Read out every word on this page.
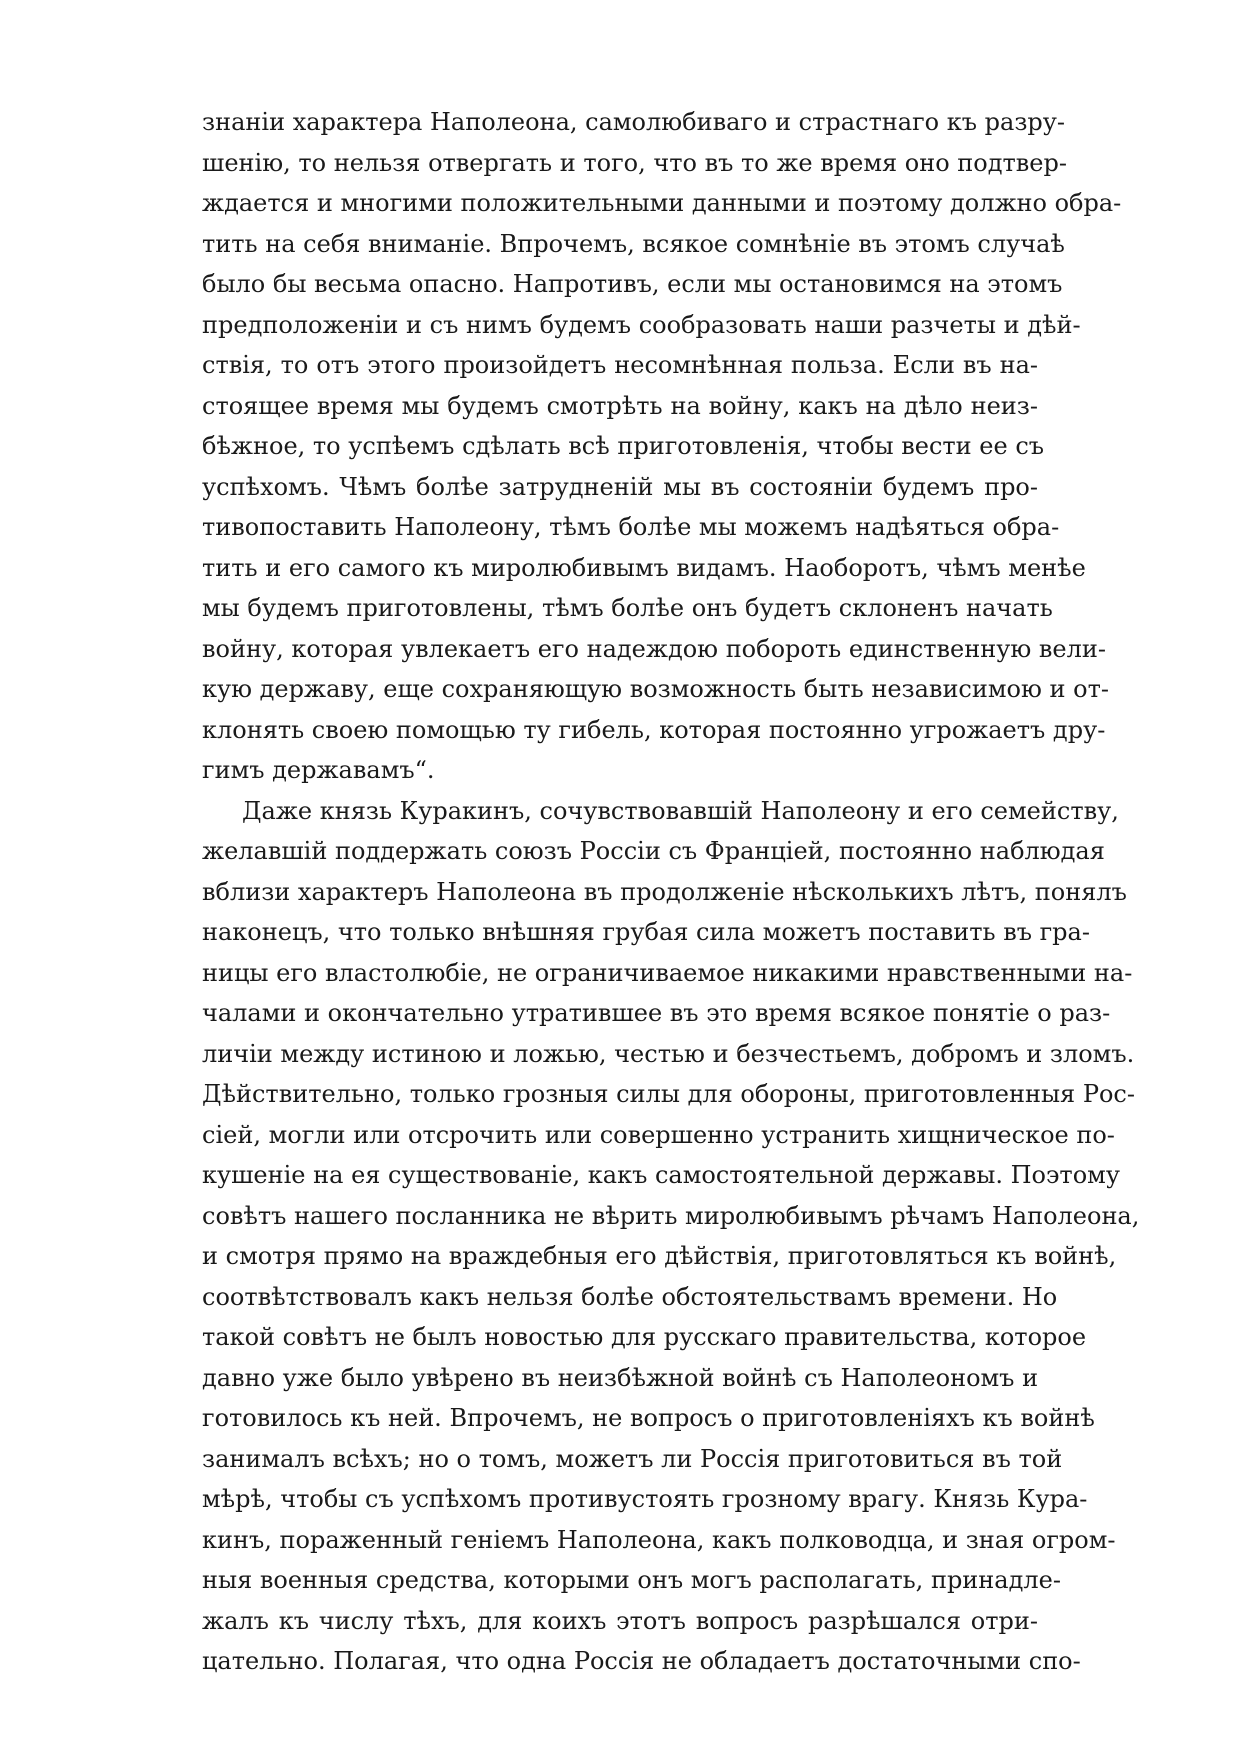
знаніи характера Наполеона, самолюбиваго и страстнаго къ разру-
шенію, то нельзя отвергать и того, что въ то же время оно подтвер-
ждается и многими положительными данными и поэтому должно обра-
тить на себя вниманіе. Впрочемъ, всякое сомнѣніе въ этомъ случаѣ
было бы весьма опасно. Напротивъ, если мы остановимся на этомъ
предположеніи и съ нимъ будемъ сообразовать наши разчеты и дѣй-
ствія, то отъ этого произойдетъ несомнѣнная польза. Если въ на-
стоящее время мы будемъ смотрѣть на войну, какъ на дѣло неиз-
бѣжное, то успѣемъ сдѣлать всѣ приготовленія, чтобы вести ее съ
успѣхомъ. Чѣмъ болѣе затрудненій мы въ состояніи будемъ про-
тивопоставить Наполеону, тѣмъ болѣе мы можемъ надѣяться обра-
тить и его самого къ миролюбивымъ видамъ. Наоборотъ, чѣмъ менѣе
мы будемъ приготовлены, тѣмъ болѣе онъ будетъ склоненъ начать
войну, которая увлекаетъ его надеждою побороть единственную вели-
кую державу, еще сохраняющую возможность быть независимою и от-
клонять своею помощью ту гибель, которая постоянно угрожаетъ дру-
гимъ державамъ“.
Даже князь Куракинъ, сочувствовавшій Наполеону и его семейству,
желавшій поддержать союзъ Россіи съ Франціей, постоянно наблюдая
вблизи характеръ Наполеона въ продолженіе нѣсколькихъ лѣтъ, понялъ
наконецъ, что только внѣшняя грубая сила можетъ поставить въ гра-
ницы его властолюбіе, не ограничиваемое никакими нравственными на-
чалами и окончательно утратившее въ это время всякое понятіе о раз-
личіи между истиною и ложью, честью и безчестьемъ, добромъ и зломъ.
Дѣйствительно, только грозныя силы для обороны, приготовленныя Рос-
сіей, могли или отсрочить или совершенно устранить хищническое по-
кушеніе на ея существованіе, какъ самостоятельной державы. Поэтому
совѣтъ нашего посланника не вѣрить миролюбивымъ рѣчамъ Наполеона,
и смотря прямо на враждебныя его дѣйствія, приготовляться къ войнѣ,
соотвѣтствовалъ какъ нельзя болѣе обстоятельствамъ времени. Но
такой совѣтъ не былъ новостью для русскаго правительства, которое
давно уже было увѣрено въ неизбѣжной войнѣ съ Наполеономъ и
готовилось къ ней. Впрочемъ, не вопросъ о приготовленіяхъ къ войнѣ
занималъ всѣхъ; но о томъ, можетъ ли Россія приготовиться въ той
мѣрѣ, чтобы съ успѣхомъ противустоять грозному врагу. Князь Кура-
кинъ, пораженный геніемъ Наполеона, какъ полководца, и зная огром-
ныя военныя средства, которыми онъ могъ располагать, принадле-
жалъ къ числу тѣхъ, для коихъ этотъ вопросъ разрѣшался отри-
цательно. Полагая, что одна Россія не обладаетъ достаточными спо-
